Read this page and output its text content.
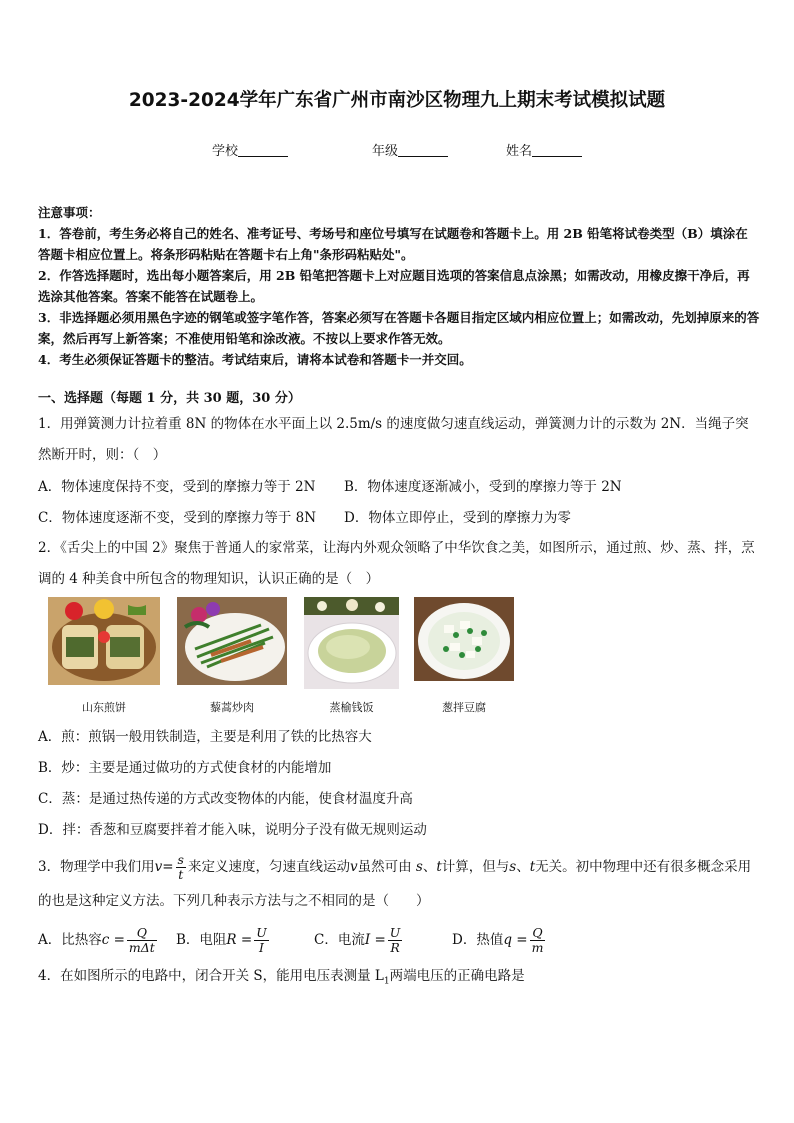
2023-2024学年广东省广州市南沙区物理九上期末考试模拟试题
学校	年级	姓名

注意事项：

1．答卷前，考生务必将自己的姓名、准考证号、考场号和座位号填写在试题卷和答题卡上。用 2B 铅笔将试卷类型（B）填涂在答题卡相应位置上。将条形码粘贴在答题卡右上角"条形码粘贴处"。

2．作答选择题时，选出每小题答案后，用 2B 铅笔把答题卡上对应题目选项的答案信息点涂黑；如需改动，用橡皮擦干净后，再选涂其他答案。答案不能答在试题卷上。

3．非选择题必须用黑色字迹的钢笔或签字笔作答，答案必须写在答题卡各题目指定区域内相应位置上；如需改动，先划掉原来的答案，然后再写上新答案；不准使用铅笔和涂改液。不按以上要求作答无效。

4．考生必须保证答题卡的整洁。考试结束后，请将本试卷和答题卡一并交回。

一、选择题（每题 1 分，共 30 题，30 分）
1．用弹簧测力计拉着重 8N 的物体在水平面上以 2.5m/s 的速度做匀速直线运动，弹簧测力计的示数为 2N．当绳子突然断开时，则：（　）
A．物体速度保持不变，受到的摩擦力等于 2N B．物体速度逐渐减小，受到的摩擦力等于 2N
C．物体速度逐渐不变，受到的摩擦力等于 8N D．物体立即停止，受到的摩擦力为零
2．《舌尖上的中国 2》聚焦于普通人的家常菜，让海内外观众领略了中华饮食之美，如图所示，通过煎、炒、蒸、拌，烹调的 4 种美食中所包含的物理知识，认识正确的是（　）
山东煎饼	藜蒿炒肉	蒸榆钱饭	葱拌豆腐
A．煎：煎锅一般用铁制造，主要是利用了铁的比热容大
B．炒：主要是通过做功的方式使食材的内能增加
C．蒸：是通过热传递的方式改变物体的内能，使食材温度升高
D．拌：香葱和豆腐要拌着才能入味，说明分子没有做无规则运动
3．物理学中我们用$v= \frac{s}{t}$ 来定义速度，匀速直线运动v虽然可由 s、t计算，但与s、t无关。初中物理中还有很多概念采用的也是这种定义方法。下列几种表示方法与之不相同的是（　　）
A．比热容$c = \frac{Q}{\text{mΔt}}$ B．电阻$R = \frac{U}{I}$	C．电流$I = \frac{U}{R}$	D．热值$q = \frac{Q}{m}$
4．在如图所示的电路中，闭合开关 S，能用电压表测量 $L_1$两端电压的正确电路是
